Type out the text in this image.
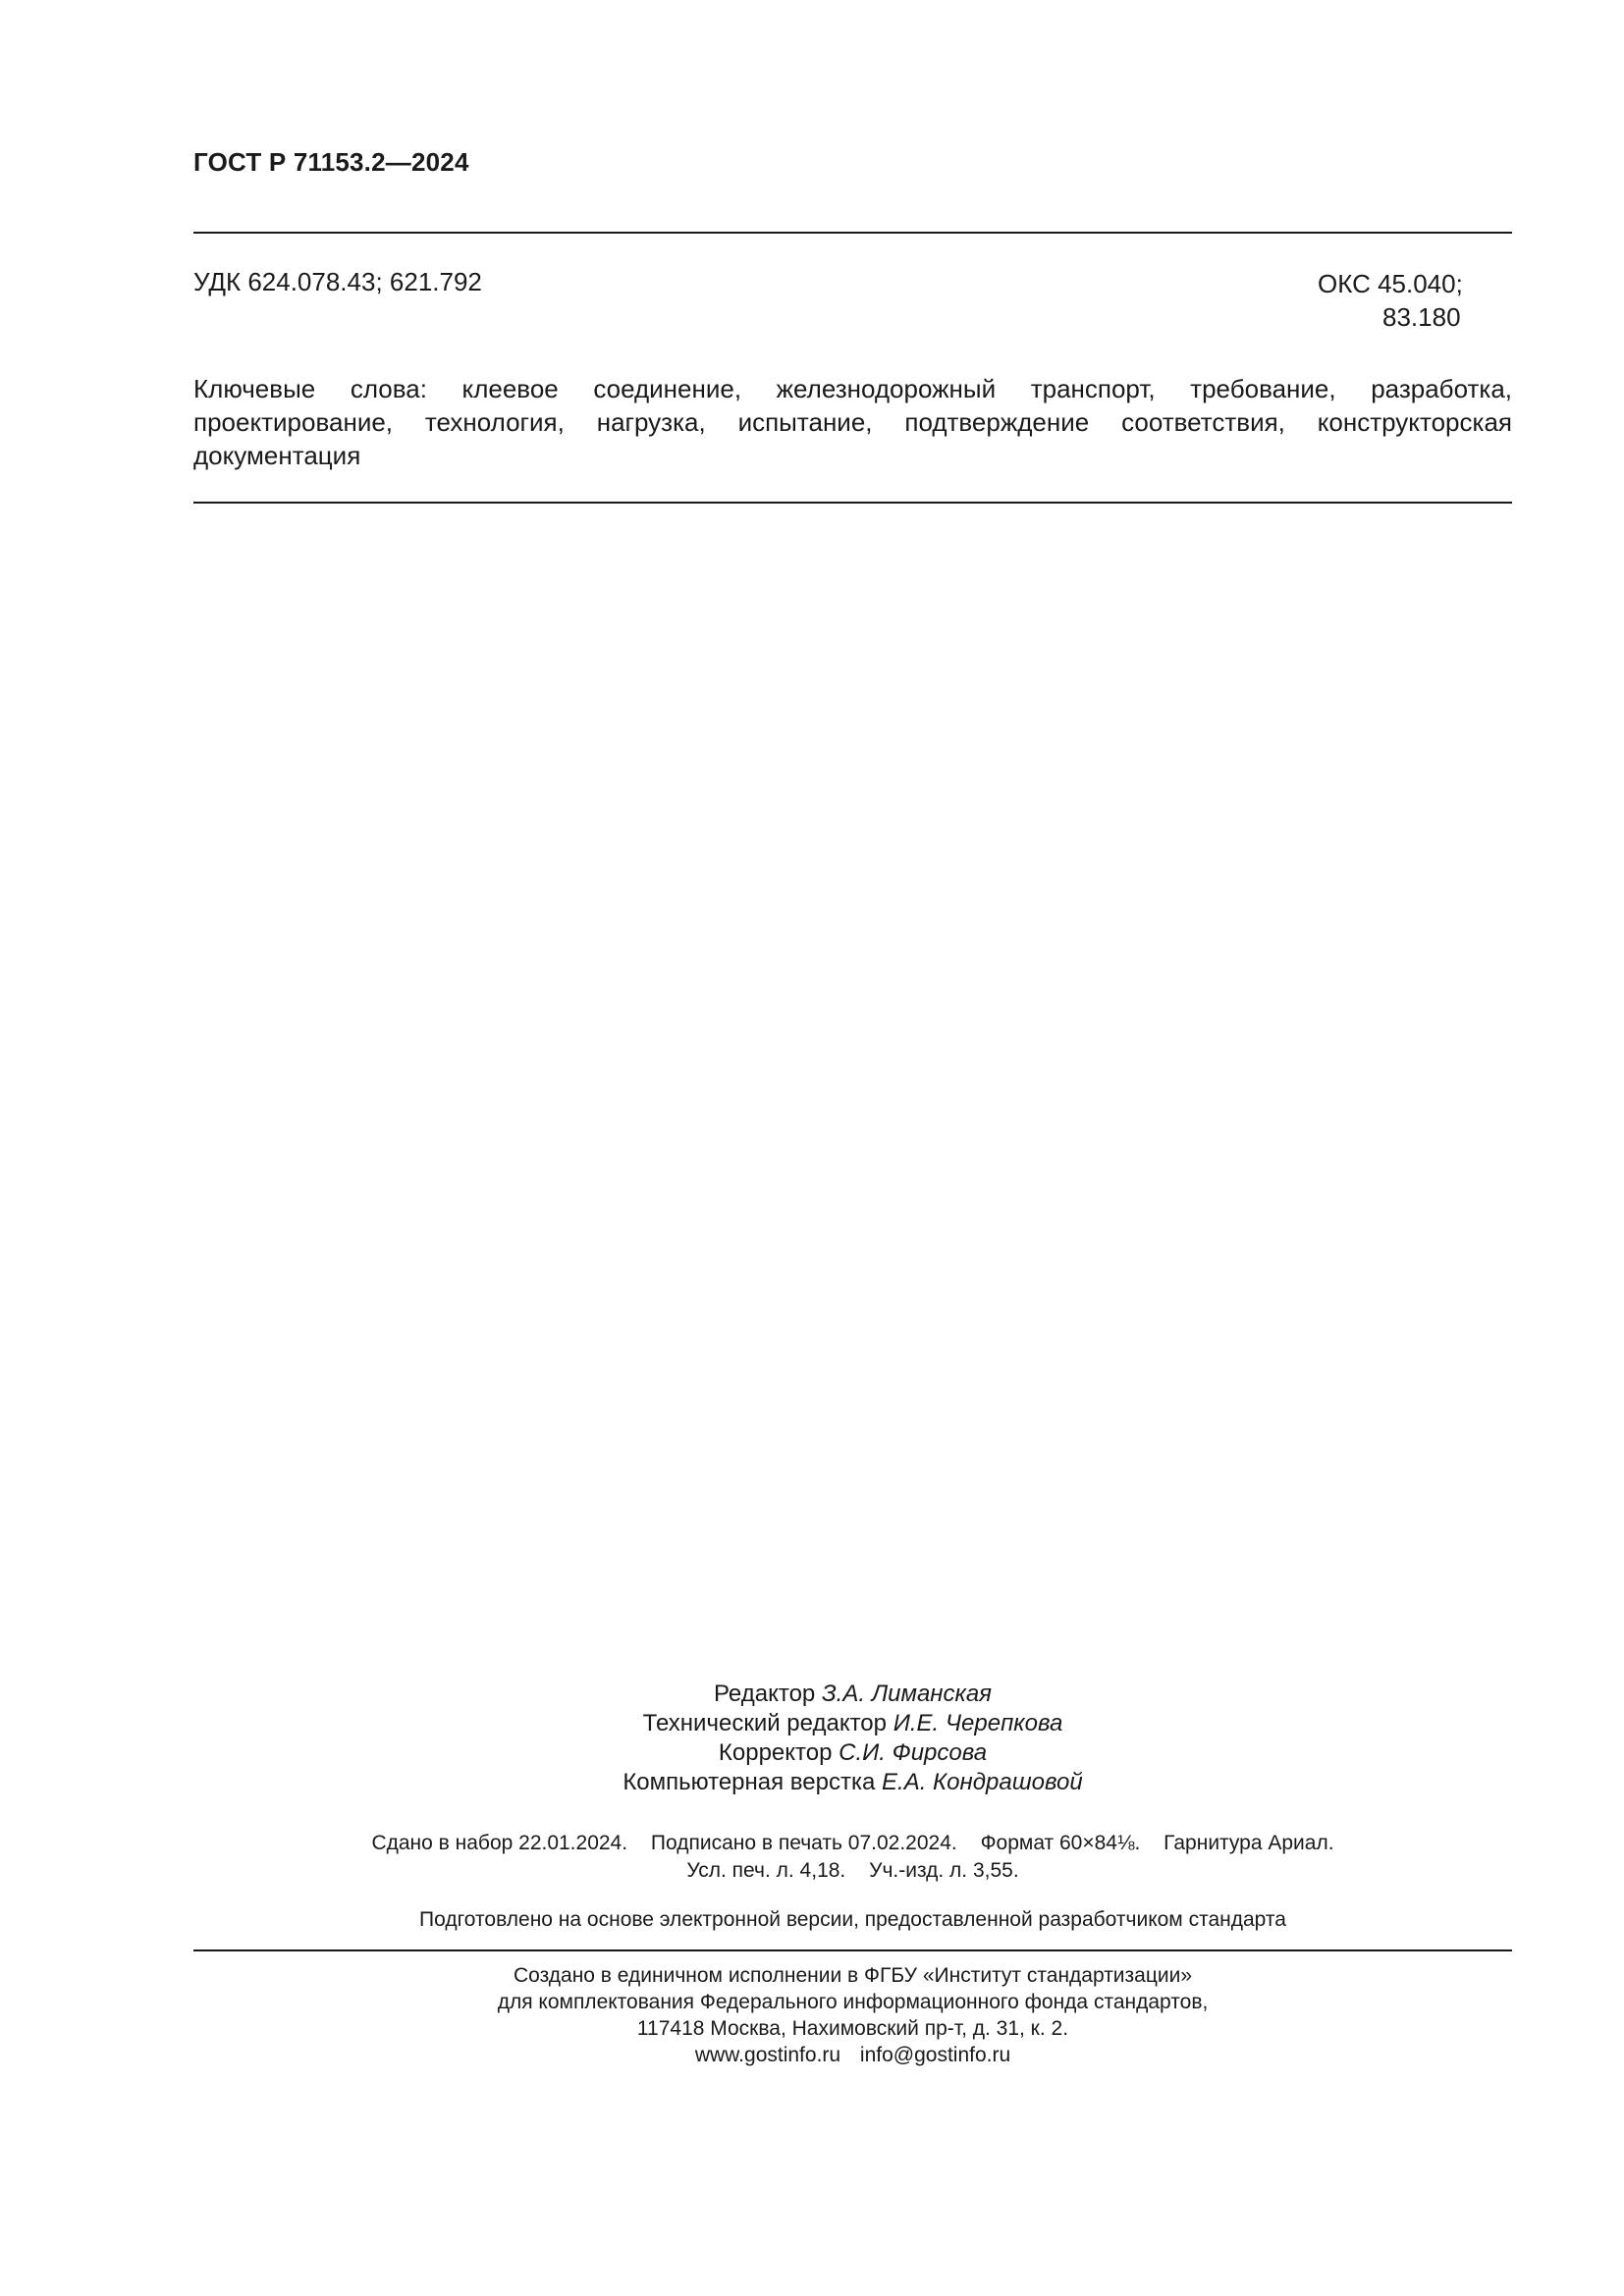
ГОСТ Р 71153.2—2024
УДК 624.078.43; 621.792	ОКС 45.040;
83.180
Ключевые слова: клеевое соединение, железнодорожный транспорт, требование, разработка, проектирование, технология, нагрузка, испытание, подтверждение соответствия, конструкторская документация
Редактор З.А. Лиманская
Технический редактор И.Е. Черепкова
Корректор С.И. Фирсова
Компьютерная верстка Е.А. Кондрашовой
Сдано в набор 22.01.2024. Подписано в печать 07.02.2024. Формат 60×84⅛. Гарнитура Ариал.
Усл. печ. л. 4,18. Уч.-изд. л. 3,55.
Подготовлено на основе электронной версии, предоставленной разработчиком стандарта
Создано в единичном исполнении в ФГБУ «Институт стандартизации»
для комплектования Федерального информационного фонда стандартов,
117418 Москва, Нахимовский пр-т, д. 31, к. 2.
www.gostinfo.ru info@gostinfo.ru
